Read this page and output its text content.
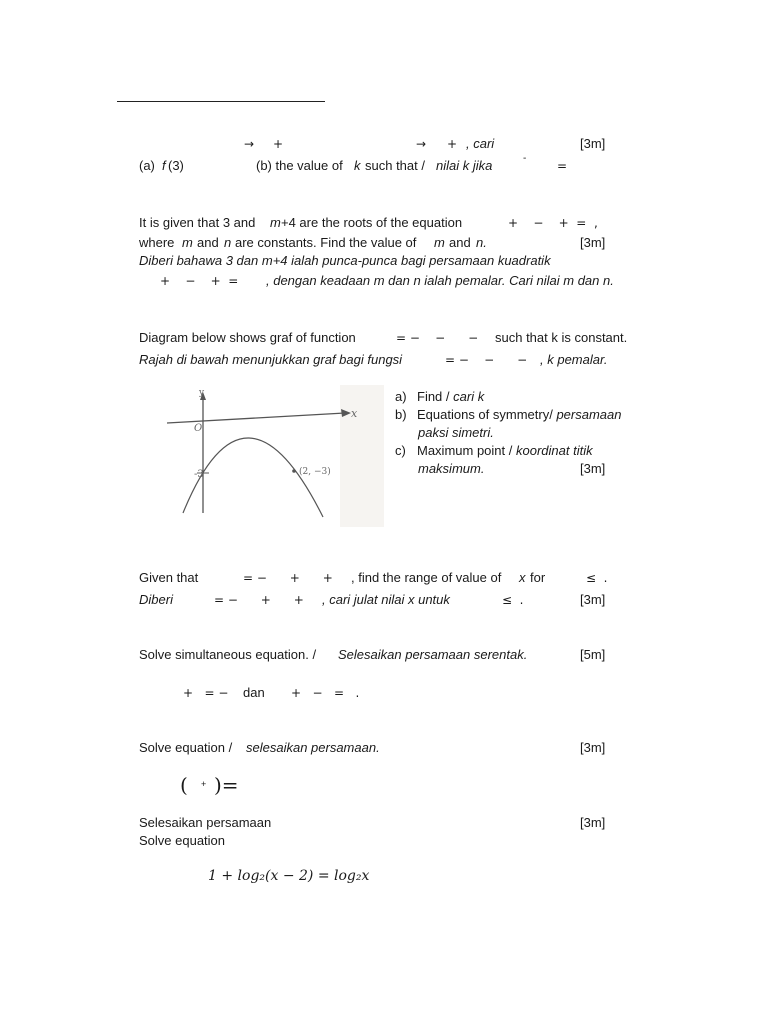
→ +	→ + , cari	[3m]
(a) f (3)	(b) the value of k such that / nilai k jika	-
=
It is given that 3 and m +4 are the roots of the equation	+    −    +  =  ,
where m and n are constants. Find the value of m and n.	[3m]
Diberi bahawa 3 dan m+4 ialah punca-punca bagi persamaan kuadratik
+    −    +  = , dengan keadaan m dan n ialah pemalar. Cari nilai m dan n.
Diagram below shows graf of function	= −    −      − such that k is constant.
Rajah di bawah menunjukkan graf bagi fungsi	= −    −      − , k pemalar.
y
x
O
-3	(2, −3)
a) Find / cari k
b) Equations of symmetry/ persamaan
paksi simetri.
c) Maximum point / koordinat titik
maksimum.	[3m]
Given that	= −      +      + , find the range of value of x for	≤  .
Diberi	= −      +      + , cari julat nilai x untuk	≤  .	[3m]
Solve simultaneous equation. / Selesaikan persamaan serentak.	[5m]
+   = − dan +   −   =   .
Solve equation / selesaikan persamaan.	[3m]
( + )=
Selesaikan persamaan	[3m]
Solve equation
1 + log₂(x − 2) = log₂x
